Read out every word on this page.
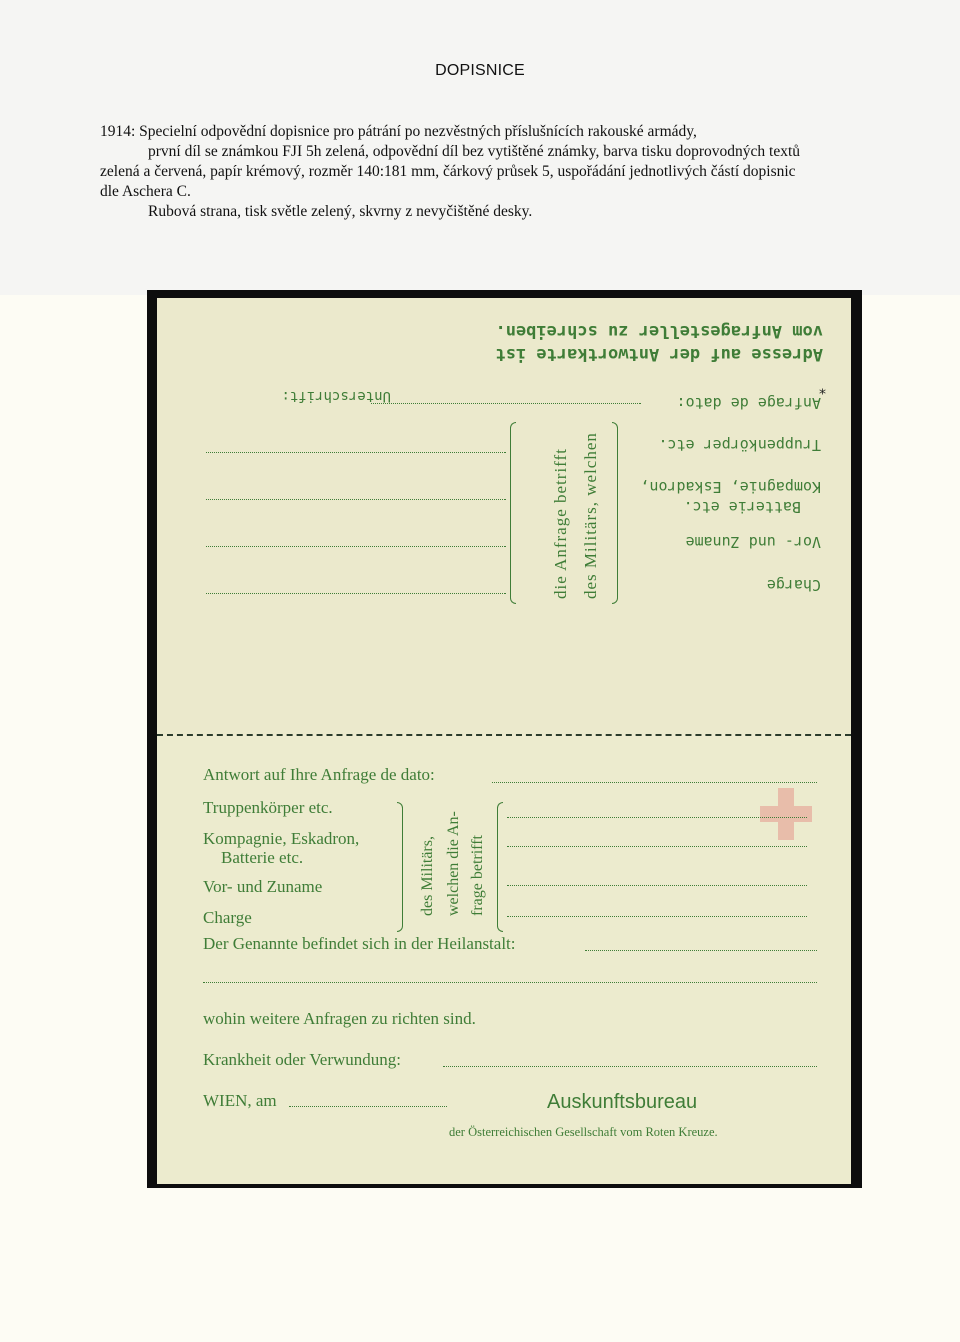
DOPISNICE
1914: Specielní odpovědní dopisnice pro pátrání po nezvěstných příslušnících rakouské armády,
první díl se známkou FJI 5h zelená, odpovědní díl bez vytištěné známky, barva tisku doprovodných textů
zelená a červená, papír krémový, rozměr 140:181 mm, čárkový průsek 5, uspořádání jednotlivých částí dopisnic
dle Aschera C.
Rubová strana, tisk světle zelený, skvrny z nevyčištěné desky.
Adresse auf der Antwortkarte ist
vom Anfragesteller zu schreiben.
Unterschrift:
Truppenkörper etc.
Kompagnie, Eskadron,
Batterie etc.
Vor- und Zuname
Charge
Anfrage de dato:
des Militärs, welchen
die Anfrage betrifft
⁎
Antwort auf Ihre Anfrage de dato:
Truppenkörper etc.
Kompagnie, Eskadron,
Batterie etc.
Vor- und Zuname
Charge
des Militärs, welchen die An- frage betrifft
Der Genannte befindet sich in der Heilanstalt:
wohin weitere Anfragen zu richten sind.
Krankheit oder Verwundung:
WIEN, am	Auskunftsbureau
der Österreichischen Gesellschaft vom Roten Kreuze.
